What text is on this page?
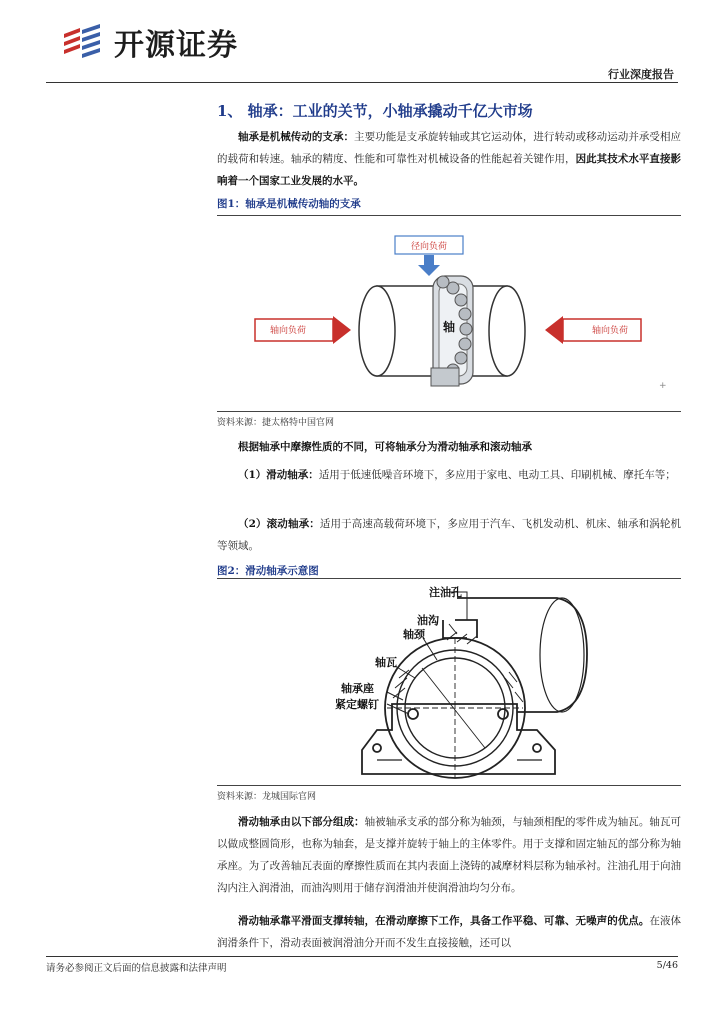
开源证券
行业深度报告
1、 轴承：工业的关节，小轴承撬动千亿大市场
轴承是机械传动的支承：主要功能是支承旋转轴或其它运动体，进行转动或移动运动并承受相应的载荷和转速。轴承的精度、性能和可靠性对机械设备的性能起着关键作用，因此其技术水平直接影响着一个国家工业发展的水平。
图1：轴承是机械传动轴的支承
径向负荷
轴
轴向负荷	轴向负荷
+
资料来源：捷太格特中国官网
根据轴承中摩擦性质的不同，可将轴承分为滑动轴承和滚动轴承
（1）滑动轴承：适用于低速低噪音环境下，多应用于家电、电动工具、印刷机械、摩托车等；
（2）滚动轴承：适用于高速高载荷环境下，多应用于汽车、飞机发动机、机床、轴承和涡轮机等领域。
图2：滑动轴承示意图
注油孔
油沟
轴颈
轴瓦
轴承座
紧定螺钉
资料来源：龙城国际官网
滑动轴承由以下部分组成：轴被轴承支承的部分称为轴颈，与轴颈相配的零件成为轴瓦。轴瓦可以做成整圆筒形，也称为轴套，是支撑并旋转于轴上的主体零件。用于支撑和固定轴瓦的部分称为轴承座。为了改善轴瓦表面的摩擦性质而在其内表面上浇铸的减摩材料层称为轴承衬。注油孔用于向油沟内注入润滑油，而油沟则用于储存润滑油并使润滑油均匀分布。
滑动轴承靠平滑面支撑转轴，在滑动摩擦下工作，具备工作平稳、可靠、无噪声的优点。在液体润滑条件下，滑动表面被润滑油分开而不发生直接接触，还可以
请务必参阅正文后面的信息披露和法律声明	5/46
